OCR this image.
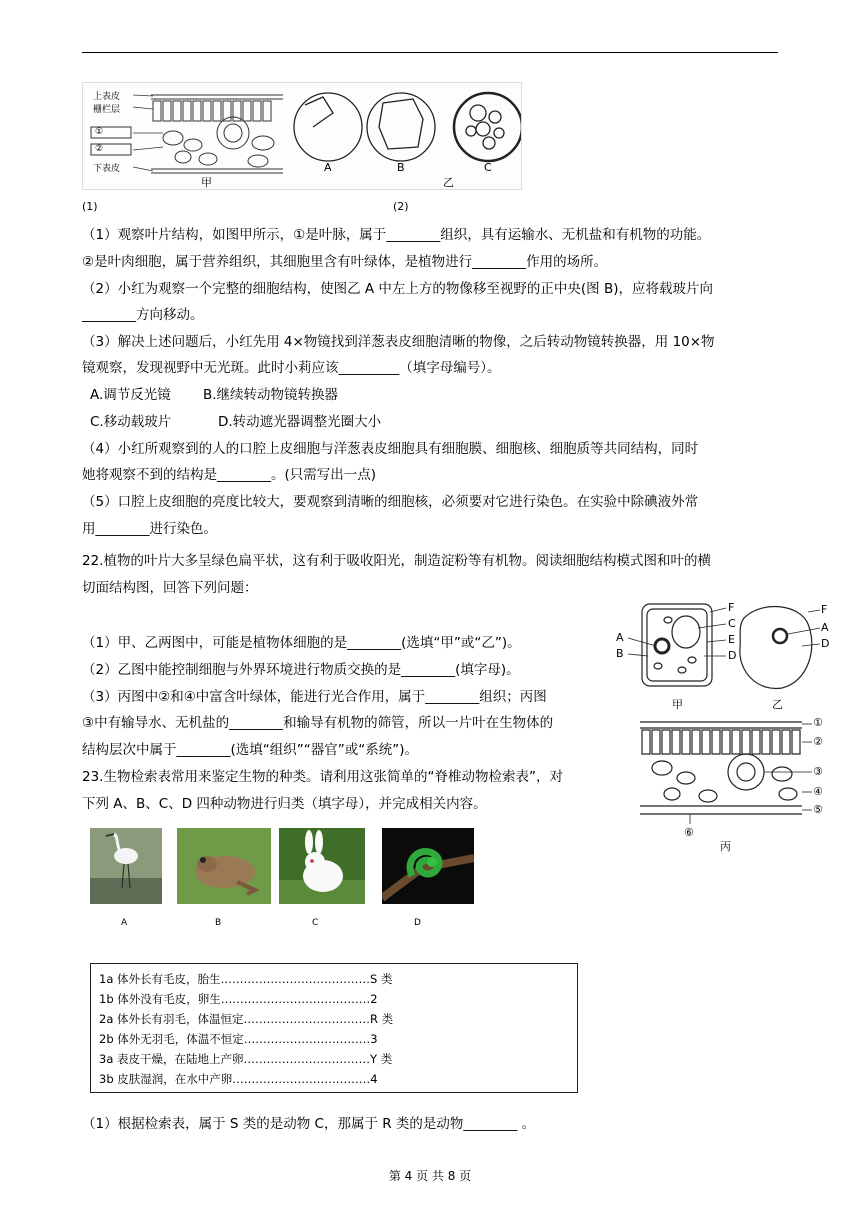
上表皮
栅栏层
①
②
下表皮
甲
A	B	C
乙
(1)	(2)
（1）观察叶片结构，如图甲所示，①是叶脉，属于________组织，具有运输水、无机盐和有机物的功能。
②是叶肉细胞，属于营养组织，其细胞里含有叶绿体，是植物进行________作用的场所。
（2）小红为观察一个完整的细胞结构，使图乙 A 中左上方的物像移至视野的正中央(图 B)，应将载玻片向
________方向移动。
（3）解决上述问题后，小红先用 4×物镜找到洋葱表皮细胞清晰的物像，之后转动物镜转换器，用 10×物
镜观察，发现视野中无光斑。此时小莉应该_________（填字母编号）。
A.调节反光镜 B.继续转动物镜转换器
C.移动载玻片	D.转动遮光器调整光圈大小
（4）小红所观察到的人的口腔上皮细胞与洋葱表皮细胞具有细胞膜、细胞核、细胞质等共同结构，同时
她将观察不到的结构是________。(只需写出一点)
（5）口腔上皮细胞的亮度比较大，要观察到清晰的细胞核，必须要对它进行染色。在实验中除碘液外常
用________进行染色。
22.植物的叶片大多呈绿色扁平状，这有利于吸收阳光，制造淀粉等有机物。阅读细胞结构模式图和叶的横
切面结构图，回答下列问题：
（1）甲、乙两图中，可能是植物体细胞的是________(选填“甲”或“乙”)。
（2）乙图中能控制细胞与外界环境进行物质交换的是________(填字母)。
（3）丙图中②和④中富含叶绿体，能进行光合作用，属于________组织；丙图
③中有输导水、无机盐的________和输导有机物的筛管，所以一片叶在生物体的
结构层次中属于________(选填“组织”“器官”或“系统”)。
F
C
E
D
A
B
F
A
D
甲	乙
①
②
③
④
⑤
⑥
丙
23.生物检索表常用来鉴定生物的种类。请利用这张简单的“脊椎动物检索表”，对
下列 A、B、C、D 四种动物进行归类（填字母），并完成相关内容。
A	B	C	D
1a 体外长有毛皮，胎生…………………………………S 类
1b 体外没有毛皮，卵生…………………………………2
2a 体外长有羽毛，体温恒定……………………………R 类
2b 体外无羽毛，体温不恒定……………………………3
3a 表皮干燥，在陆地上产卵……………………………Y 类
3b 皮肤湿润，在水中产卵………………………………4
（1）根据检索表，属于 S 类的是动物 C，那属于 R 类的是动物________ 。
第 4 页 共 8 页
